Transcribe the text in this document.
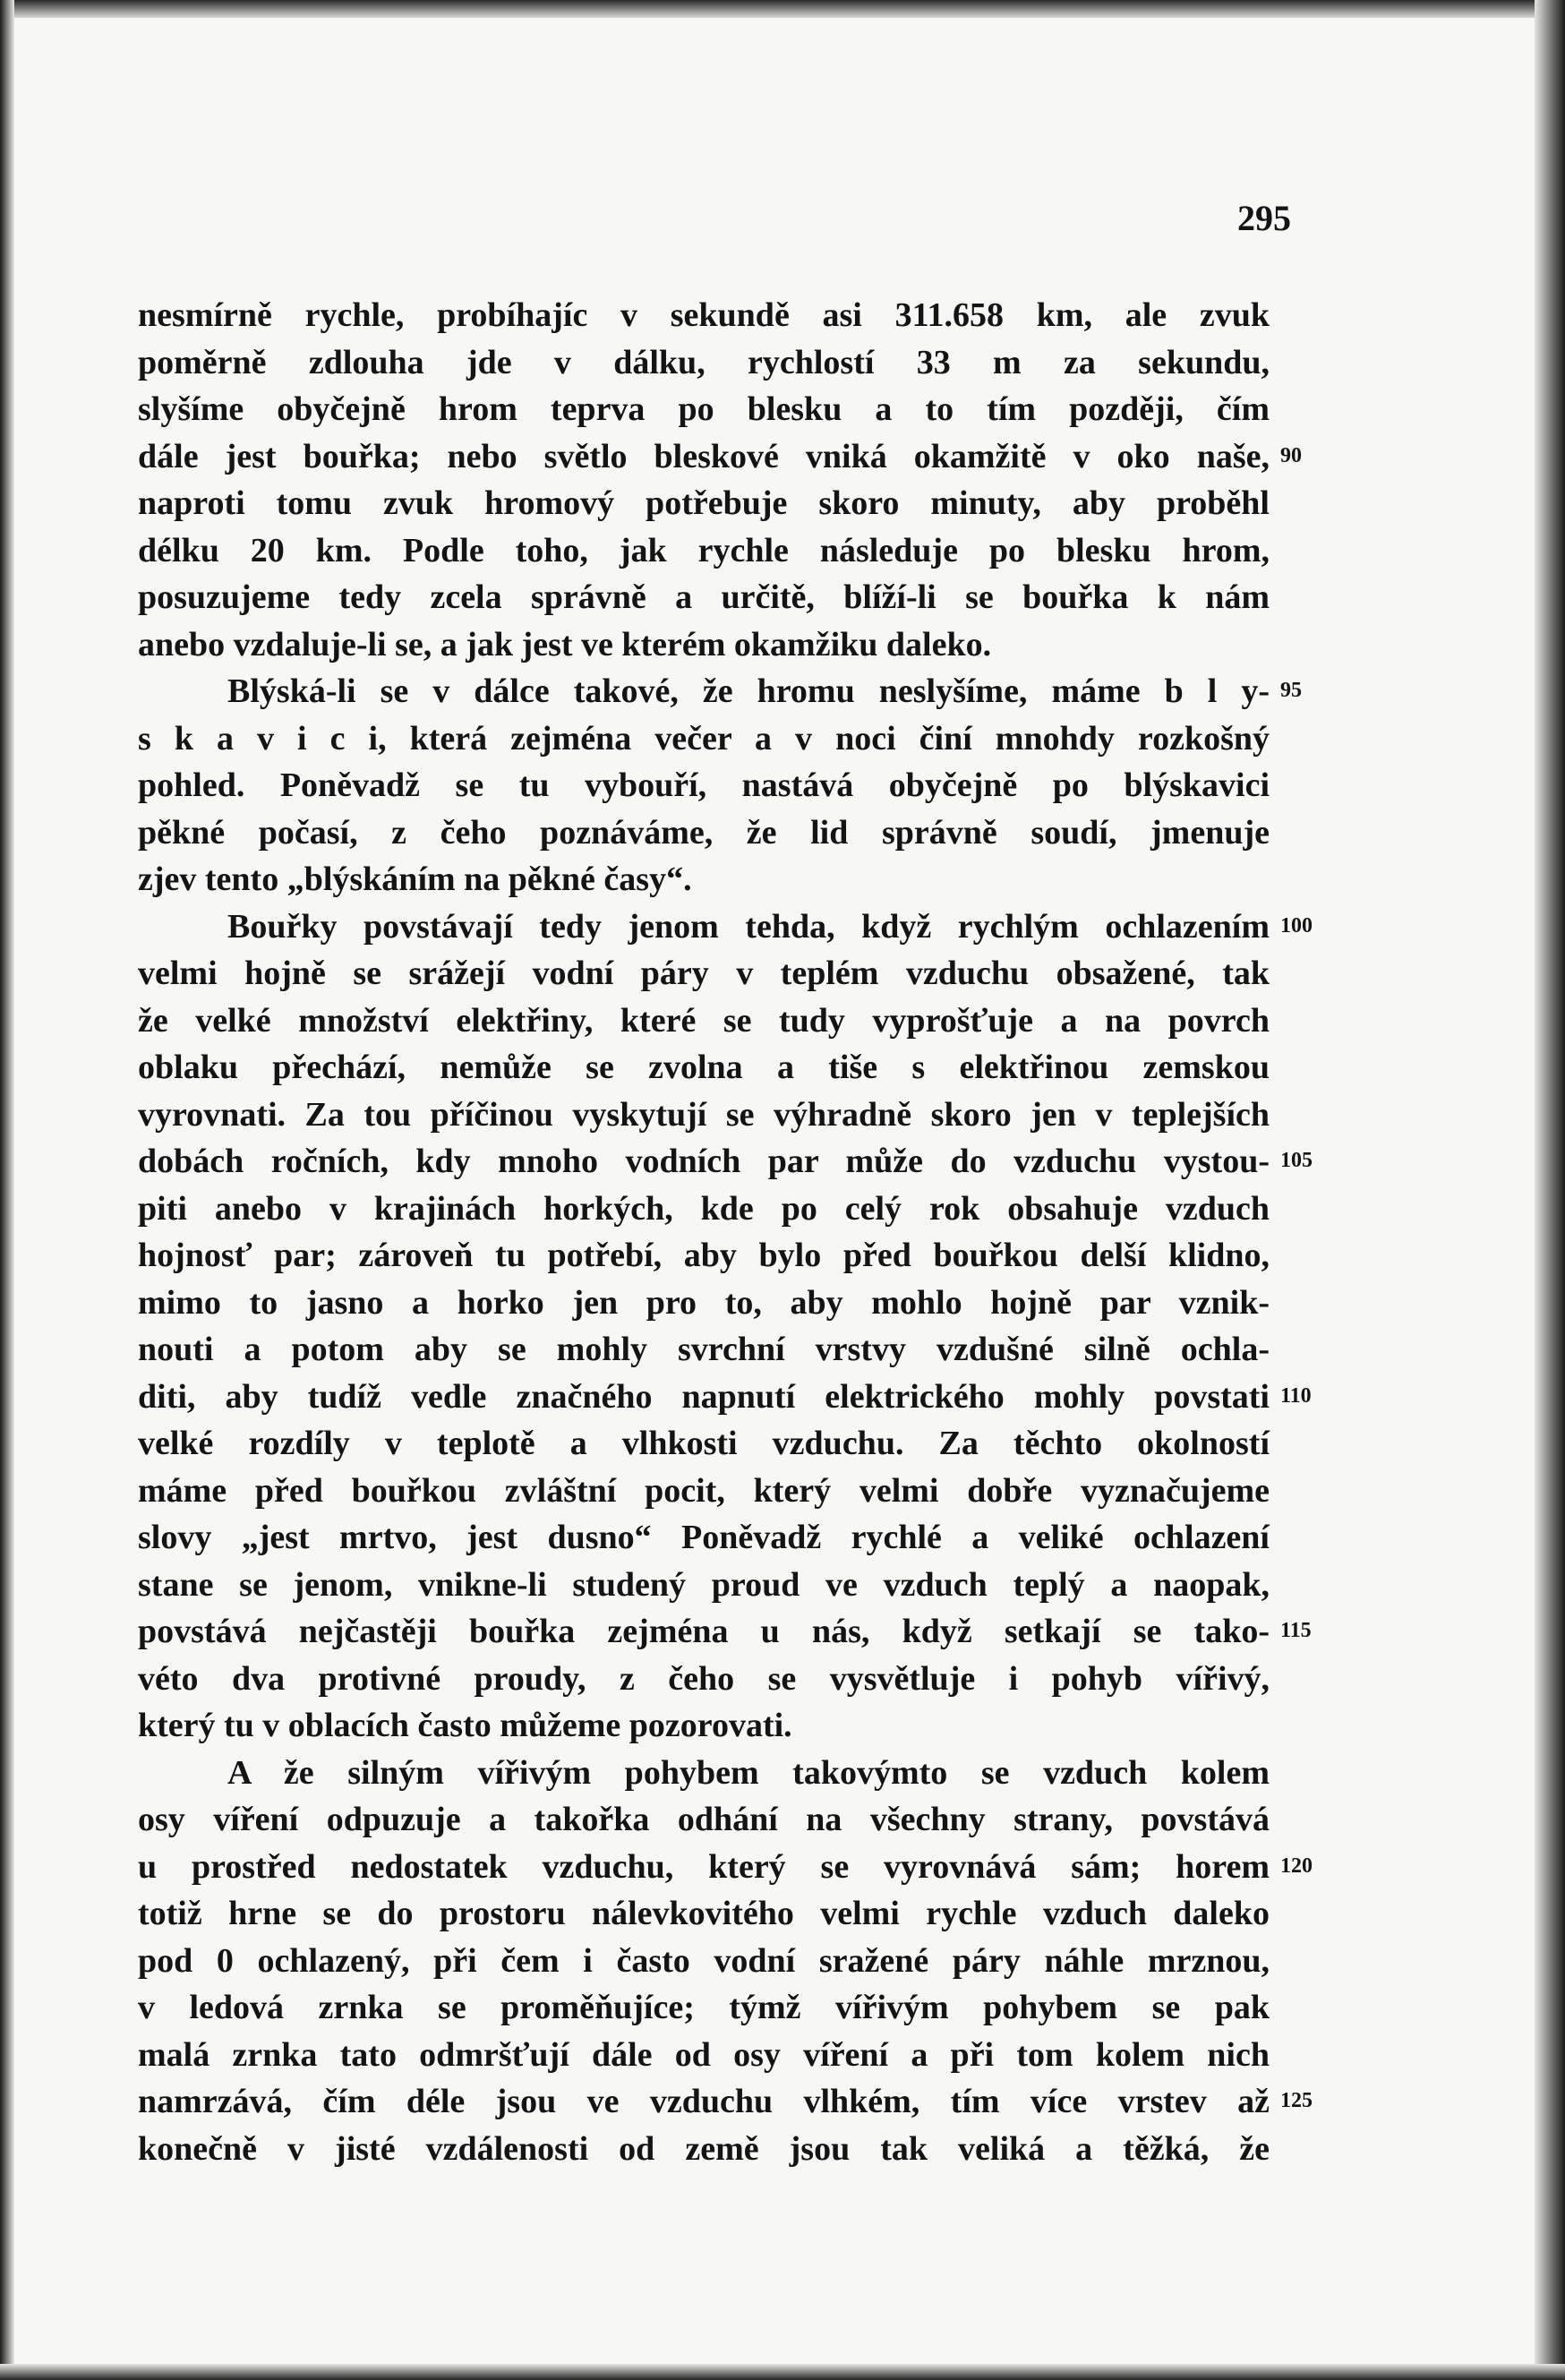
295
nesmírně rychle, probíhajíc v sekundě asi 311.658 km, ale zvuk
poměrně zdlouha jde v dálku, rychlostí 33 m za sekundu,
slyšíme obyčejně hrom teprva po blesku a to tím později, čím
dále jest bouřka; nebo světlo bleskové vniká okamžitě v oko naše,
naproti tomu zvuk hromový potřebuje skoro minuty, aby proběhl
délku 20 km. Podle toho, jak rychle následuje po blesku hrom,
posuzujeme tedy zcela správně a určitě, blíží-li se bouřka k nám
anebo vzdaluje-li se, a jak jest ve kterém okamžiku daleko.
Blýská-li se v dálce takové, že hromu neslyšíme, máme b l y-
s k a v i c i, která zejména večer a v noci činí mnohdy rozkošný
pohled. Poněvadž se tu vybouří, nastává obyčejně po blýskavici
pěkné počasí, z čeho poznáváme, že lid správně soudí, jmenuje
zjev tento „blýskáním na pěkné časy“.
Bouřky povstávají tedy jenom tehda, když rychlým ochlazením
velmi hojně se srážejí vodní páry v teplém vzduchu obsažené, tak
že velké množství elektřiny, které se tudy vyprošťuje a na povrch
oblaku přechází, nemůže se zvolna a tiše s elektřinou zemskou
vyrovnati. Za tou příčinou vyskytují se výhradně skoro jen v teplejších
dobách ročních, kdy mnoho vodních par může do vzduchu vystou-
piti anebo v krajinách horkých, kde po celý rok obsahuje vzduch
hojnosť par; zároveň tu potřebí, aby bylo před bouřkou delší klidno,
mimo to jasno a horko jen pro to, aby mohlo hojně par vznik-
nouti a potom aby se mohly svrchní vrstvy vzdušné silně ochla-
diti, aby tudíž vedle značného napnutí elektrického mohly povstati
velké rozdíly v teplotě a vlhkosti vzduchu. Za těchto okolností
máme před bouřkou zvláštní pocit, který velmi dobře vyznačujeme
slovy „jest mrtvo, jest dusno“ Poněvadž rychlé a veliké ochlazení
stane se jenom, vnikne-li studený proud ve vzduch teplý a naopak,
povstává nejčastěji bouřka zejména u nás, když setkají se tako-
véto dva protivné proudy, z čeho se vysvětluje i pohyb vířivý,
který tu v oblacích často můžeme pozorovati.
A že silným vířivým pohybem takovýmto se vzduch kolem
osy víření odpuzuje a takořka odhání na všechny strany, povstává
u prostřed nedostatek vzduchu, který se vyrovnává sám; horem
totiž hrne se do prostoru nálevkovitého velmi rychle vzduch daleko
pod 0 ochlazený, při čem i často vodní sražené páry náhle mrznou,
v ledová zrnka se proměňujíce; týmž vířivým pohybem se pak
malá zrnka tato odmršťují dále od osy víření a při tom kolem nich
namrzává, čím déle jsou ve vzduchu vlhkém, tím více vrstev až
konečně v jisté vzdálenosti od země jsou tak veliká a těžká, že
90
95
100
105
110
115
120
125
